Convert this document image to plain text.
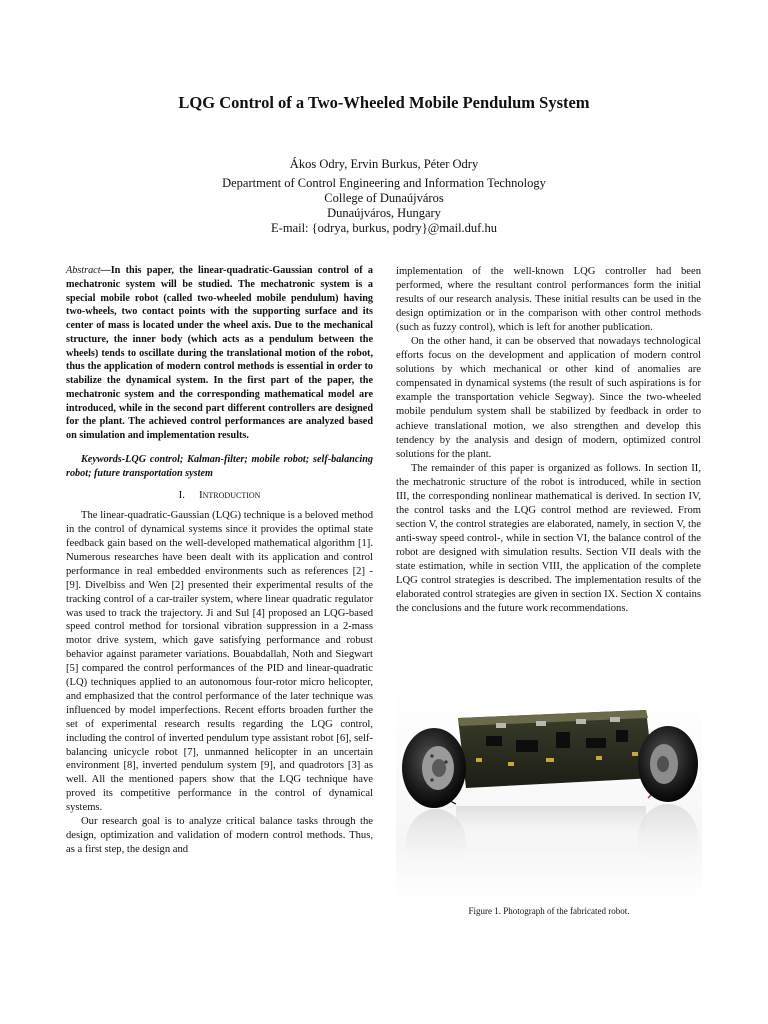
LQG Control of a Two-Wheeled Mobile Pendulum System
Ákos Odry, Ervin Burkus, Péter Odry
Department of Control Engineering and Information Technology
College of Dunaújváros
Dunaújváros, Hungary
E-mail: {odrya, burkus, podry}@mail.duf.hu

Abstract—In this paper, the linear-quadratic-Gaussian control of a mechatronic system will be studied. The mechatronic system is a special mobile robot (called two-wheeled mobile pendulum) having two-wheels, two contact points with the supporting surface and its center of mass is located under the wheel axis. Due to the mechanical structure, the inner body (which acts as a pendulum between the wheels) tends to oscillate during the translational motion of the robot, thus the application of modern control methods is essential in order to stabilize the dynamical system. In the first part of the paper, the mechatronic system and the corresponding mathematical model are introduced, while in the second part different controllers are designed for the plant. The achieved control performances are analyzed based on simulation and implementation results.

Keywords-LQG control; Kalman-filter; mobile robot; self-balancing robot; future transportation system

I. Introduction

The linear-quadratic-Gaussian (LQG) technique is a beloved method in the control of dynamical systems since it provides the optimal state feedback gain based on the well-developed mathematical algorithm [1]. Numerous researches have been dealt with its application and control performance in real embedded environments such as references [2] - [9]. Divelbiss and Wen [2] presented their experimental results of the tracking control of a car-trailer system, where linear quadratic regulator was used to track the trajectory. Ji and Sul [4] proposed an LQG-based speed control method for torsional vibration suppression in a 2-mass motor drive system, which gave satisfying performance and robust behavior against parameter variations. Bouabdallah, Noth and Siegwart [5] compared the control performances of the PID and linear-quadratic (LQ) techniques applied to an autonomous four-rotor micro helicopter, and emphasized that the control performance of the later technique was influenced by model imperfections. Recent efforts broaden further the set of experimental research results regarding the LQG control, including the control of inverted pendulum type assistant robot [6], self-balancing unicycle robot [7], unmanned helicopter in an uncertain environment [8], inverted pendulum system [9], and quadrotors [3] as well. All the mentioned papers show that the LQG technique have proved its competitive performance in the control of dynamical systems.

Our research goal is to analyze critical balance tasks through the design, optimization and validation of modern control methods. Thus, as a first step, the design and

implementation of the well-known LQG controller had been performed, where the resultant control performances form the initial results of our research analysis. These initial results can be used in the design optimization or in the comparison with other control methods (such as fuzzy control), which is left for another publication.

On the other hand, it can be observed that nowadays technological efforts focus on the development and application of modern control solutions by which mechanical or other kind of anomalies are compensated in dynamical systems (the result of such aspirations is for example the transportation vehicle Segway). Since the two-wheeled mobile pendulum system shall be stabilized by feedback in order to achieve translational motion, we also strengthen and develop this tendency by the analysis and design of modern, optimized control solutions for the plant.

The remainder of this paper is organized as follows. In section II, the mechatronic structure of the robot is introduced, while in section III, the corresponding nonlinear mathematical is derived. In section IV, the control tasks and the LQG control method are reviewed. From section V, the control strategies are elaborated, namely, in section V, the anti-sway speed control-, while in section VI, the balance control of the robot are designed with simulation results. Section VII deals with the state estimation, while in section VIII, the application of the complete LQG control strategies is described. The implementation results of the elaborated control strategies are given in section IX. Section X contains the conclusions and the future work recommendations.

Figure 1. Photograph of the fabricated robot.
